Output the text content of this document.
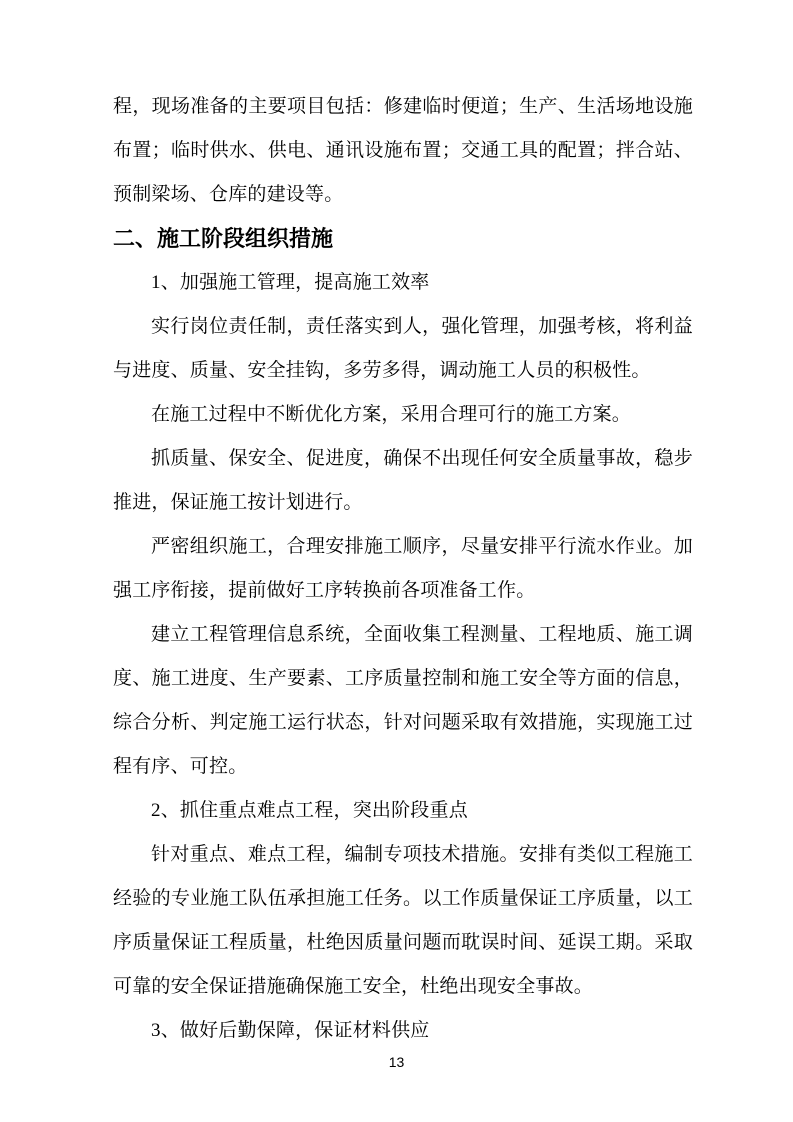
程，现场准备的主要项目包括：修建临时便道；生产、生活场地设施布置；临时供水、供电、通讯设施布置；交通工具的配置；拌合站、预制梁场、仓库的建设等。

二、施工阶段组织措施

1、加强施工管理，提高施工效率

实行岗位责任制，责任落实到人，强化管理，加强考核，将利益与进度、质量、安全挂钩，多劳多得，调动施工人员的积极性。

在施工过程中不断优化方案，采用合理可行的施工方案。

抓质量、保安全、促进度，确保不出现任何安全质量事故，稳步推进，保证施工按计划进行。

严密组织施工，合理安排施工顺序，尽量安排平行流水作业。加强工序衔接，提前做好工序转换前各项准备工作。

建立工程管理信息系统，全面收集工程测量、工程地质、施工调度、施工进度、生产要素、工序质量控制和施工安全等方面的信息，综合分析、判定施工运行状态，针对问题采取有效措施，实现施工过程有序、可控。

2、抓住重点难点工程，突出阶段重点

针对重点、难点工程，编制专项技术措施。安排有类似工程施工经验的专业施工队伍承担施工任务。以工作质量保证工序质量，以工序质量保证工程质量，杜绝因质量问题而耽误时间、延误工期。采取可靠的安全保证措施确保施工安全，杜绝出现安全事故。

3、做好后勤保障，保证材料供应

13
